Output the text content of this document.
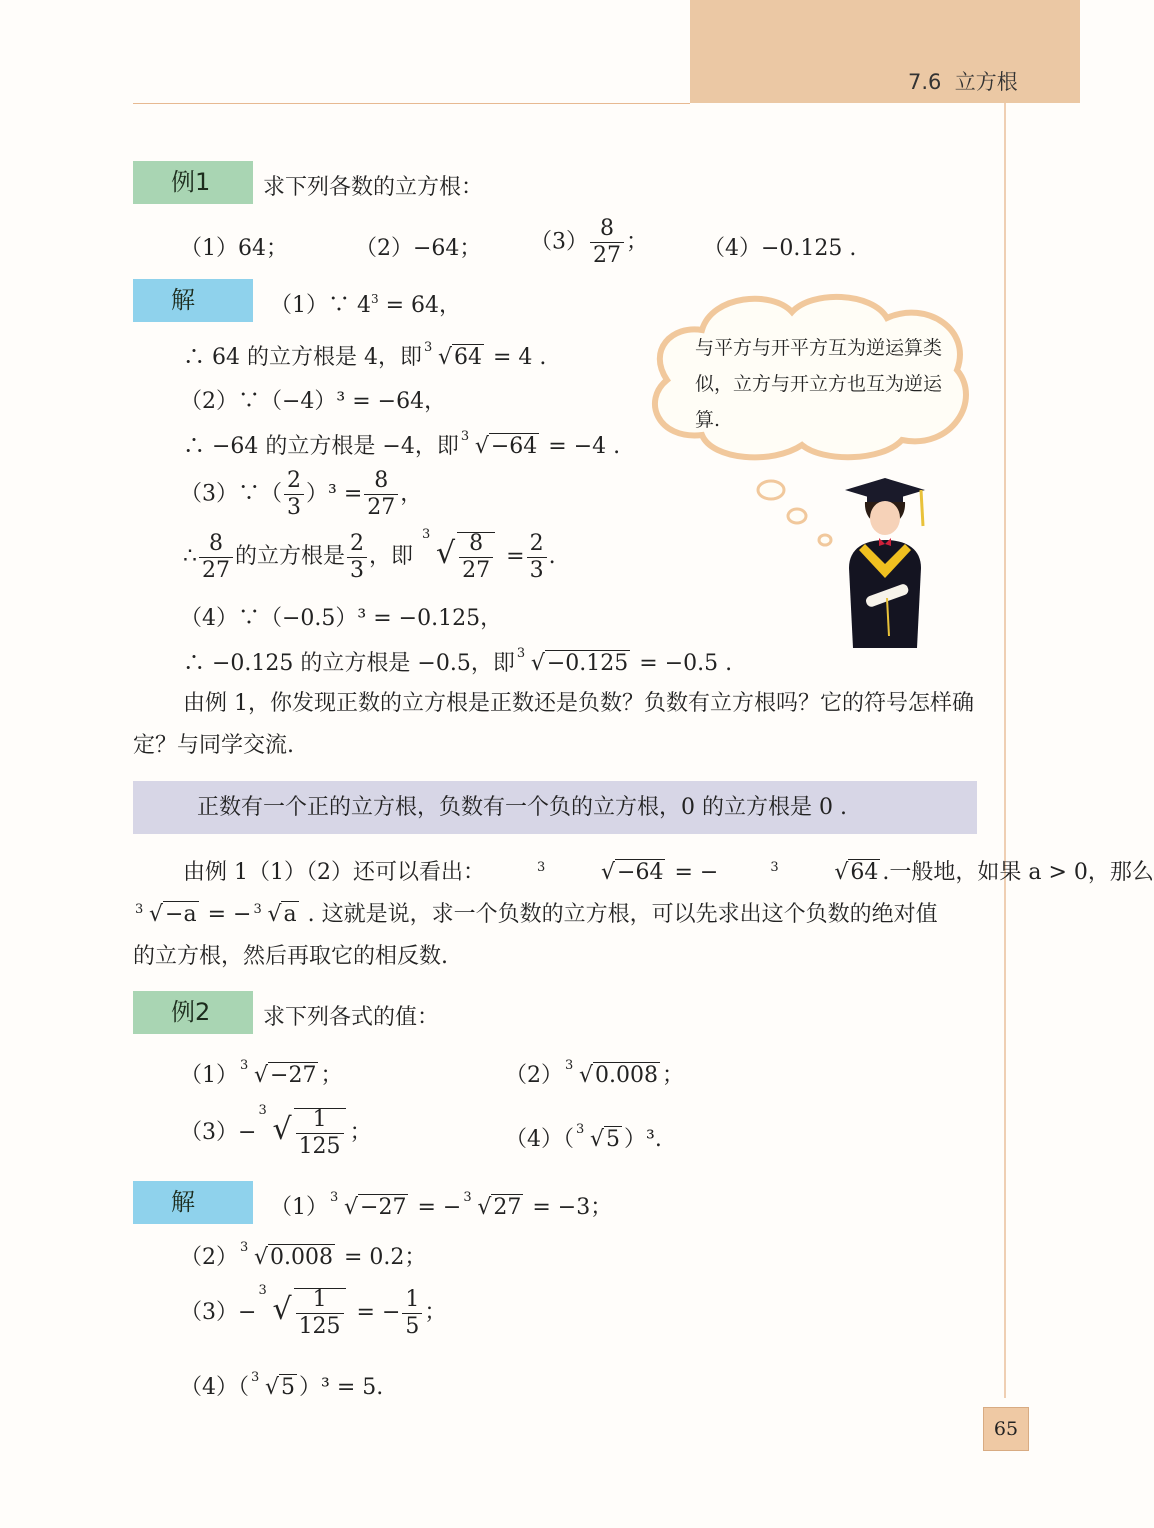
7.6  立方根
例1	求下列各数的立方根：
（1）64；	（2）−64； $(3) \frac{8}{27}$ ； （4）−0.125 .
解	（1）∵ $4^3 = 64$，
∴ 64 的立方根是 4，即 3 √64 = 4 .
（2）∵（−4）³ = −64，
∴ −64 的立方根是 −4，即 3 √−64 = −4 .
（3）∵（ $\frac{2}{3} )^3 = \frac{8}{27}$ ，
∴ $\frac{8}{27}$ 的立方根是 $\frac{2}{3}$ ，即
3
√ $\frac{8}{27} = \frac{2}{3}$ .
（4）∵（−0.5）³ = −0.125，
∴ −0.125 的立方根是 −0.5，即 3 √−0.125 = −0.5 .
与平方与开平方互为逆运算类似，立方与开立方也互为逆运算.
由例 1，你发现正数的立方根是正数还是负数？负数有立方根吗？它的符号怎样确定？与同学交流.
正数有一个正的立方根，负数有一个负的立方根，0 的立方根是 0 .
由例 1（1）（2）还可以看出：	3	√−64 = −	3	√64 .一般地，如果 a > 0，那么
3 √−a = − 3 √a . 这就是说，求一个负数的立方根，可以先求出这个负数的绝对值
的立方根，然后再取它的相反数.
例2	求下列各式的值：
（1） 3 √−27 ；	（2） 3 √0.008 ；
（3）−
3
√ $\frac{1}{125}$ ；	（4）（ 3 √5 ）³.
解	（1） 3 √−27 = − 3 √27 = −3；
（2） 3 √0.008 = 0.2；
（3）−
3
√ $\frac{1}{125}$ = − $\frac{1}{5}$ ；
（4）（ 3 √5 ）³ = 5.
65
